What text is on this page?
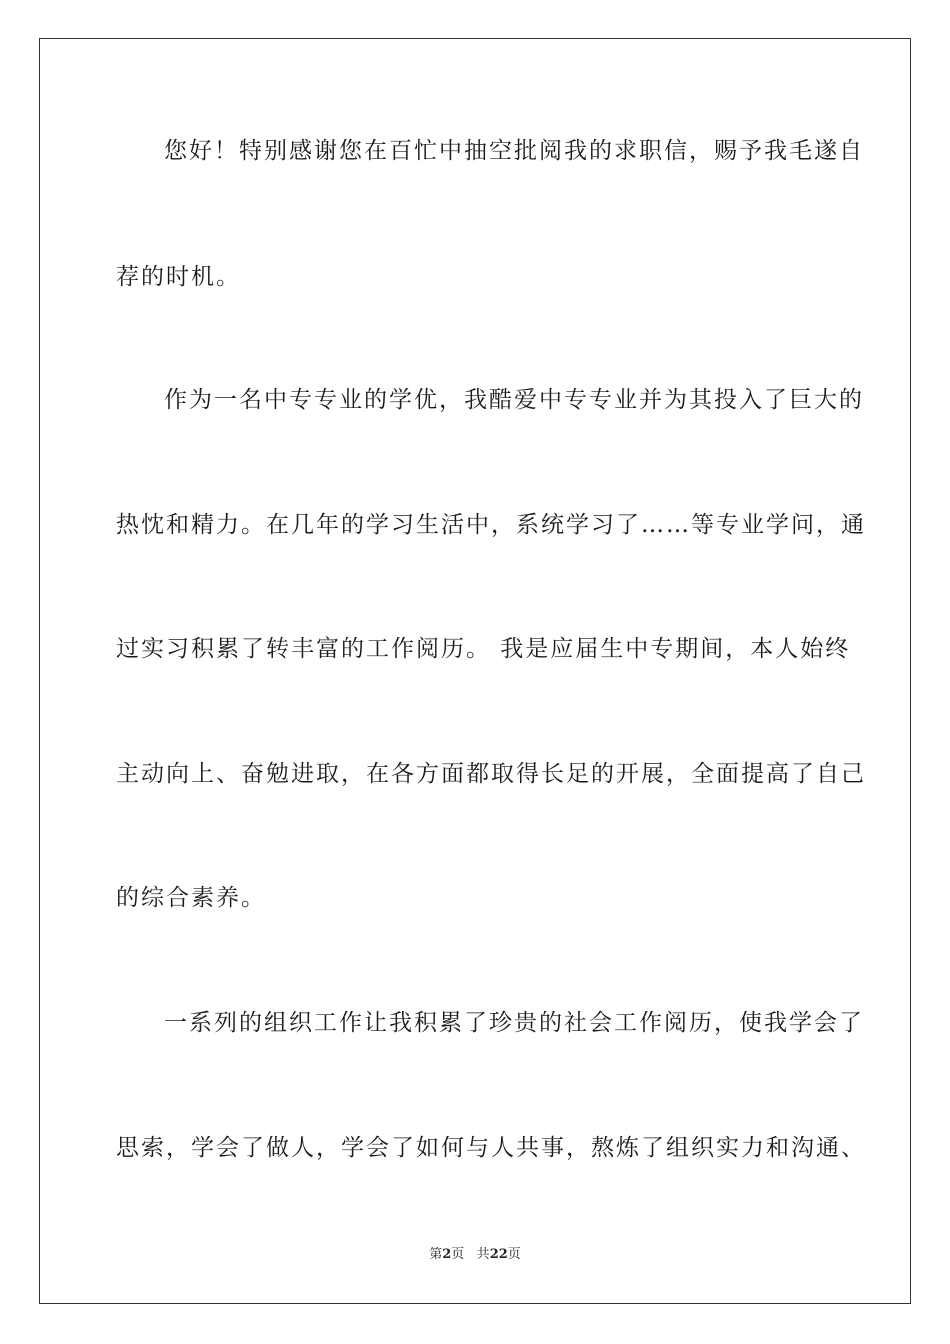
您好！特别感谢您在百忙中抽空批阅我的求职信，赐予我毛遂自
荐的时机。
作为一名中专专业的学优，我酷爱中专专业并为其投入了巨大的
热忱和精力。在几年的学习生活中，系统学习了……等专业学问，通
过实习积累了转丰富的工作阅历。 我是应届生中专期间，本人始终
主动向上、奋勉进取，在各方面都取得长足的开展，全面提高了自己
的综合素养。
一系列的组织工作让我积累了珍贵的社会工作阅历，使我学会了
思索，学会了做人，学会了如何与人共事，熬炼了组织实力和沟通、
第2页 共22页
